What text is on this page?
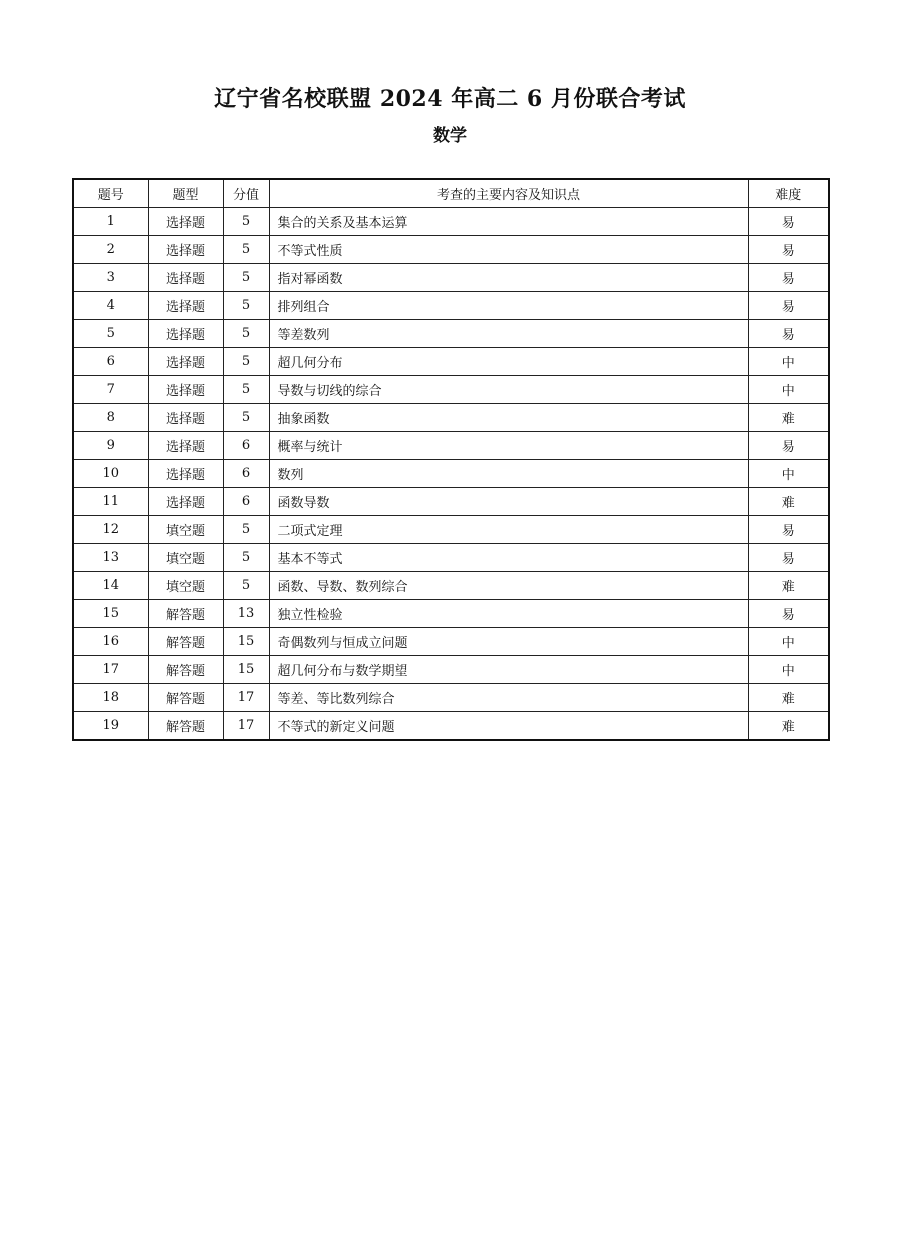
辽宁省名校联盟 2024 年高二 6 月份联合考试
数学
题号	题型	分值	考查的主要内容及知识点	难度
1	选择题	5	集合的关系及基本运算	易
2	选择题	5	不等式性质	易
3	选择题	5	指对幂函数	易
4	选择题	5	排列组合	易
5	选择题	5	等差数列	易
6	选择题	5	超几何分布	中
7	选择题	5	导数与切线的综合	中
8	选择题	5	抽象函数	难
9	选择题	6	概率与统计	易
10	选择题	6	数列	中
11	选择题	6	函数导数	难
12	填空题	5	二项式定理	易
13	填空题	5	基本不等式	易
14	填空题	5	函数、导数、数列综合	难
15	解答题	13	独立性检验	易
16	解答题	15	奇偶数列与恒成立问题	中
17	解答题	15	超几何分布与数学期望	中
18	解答题	17	等差、等比数列综合	难
19	解答题	17	不等式的新定义问题	难
